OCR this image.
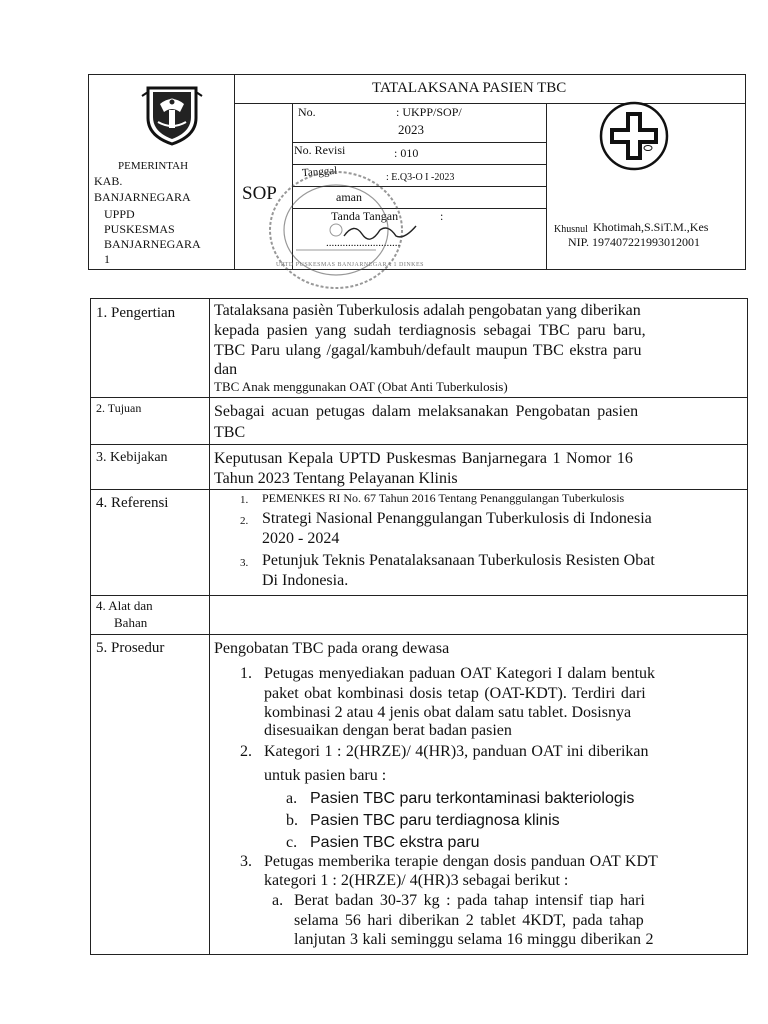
PEMERINTAH
KAB.
BANJARNEGARA
UPPD
PUSKESMAS
BANJARNEGARA
1
TATALAKSANA PASIEN TBC
SOP
No.	: UKPP/SOP/
2023
No. Revisi	: 010
Tanggal	: E.Q3-O I -2023
aman
Tanda Tangan	:
...........................
UPTD PUSKESMAS BANJARNEGARA 1 DINKES
Khusnul Khotimah,S.SiT.M.,Kes
NIP. 197407221993012001
1. Pengertian Tatalaksana pasièn Tuberkulosis adalah pengobatan yang diberikan
kepada pasien yang sudah terdiagnosis sebagai TBC paru baru,
TBC Paru ulang /gagal/kambuh/default maupun TBC ekstra paru
dan
TBC Anak menggunakan OAT (Obat Anti Tuberkulosis)
2. Tujuan	Sebagai acuan petugas dalam melaksanakan Pengobatan pasien
TBC
3. Kebijakan	Keputusan Kepala UPTD Puskesmas Banjarnegara 1 Nomor 16
Tahun 2023 Tentang Pelayanan Klinis
4. Referensi	1. PEMENKES RI No. 67 Tahun 2016 Tentang Penanggulangan Tuberkulosis
2. Strategi Nasional Penanggulangan Tuberkulosis di Indonesia
2020 - 2024
3. Petunjuk Teknis Penatalaksanaan Tuberkulosis Resisten Obat
Di Indonesia.
4. Alat dan
Bahan
5. Prosedur	Pengobatan TBC pada orang dewasa
1. Petugas menyediakan paduan OAT Kategori I dalam bentuk
paket obat kombinasi dosis tetap (OAT-KDT). Terdiri dari
kombinasi 2 atau 4 jenis obat dalam satu tablet. Dosisnya
disesuaikan dengan berat badan pasien
2. Kategori 1 : 2(HRZE)/ 4(HR)3, panduan OAT ini diberikan
untuk pasien baru :
a. Pasien TBC paru terkontaminasi bakteriologis
b. Pasien TBC paru terdiagnosa klinis
c. Pasien TBC ekstra paru
3. Petugas memberika terapie dengan dosis panduan OAT KDT
kategori 1 : 2(HRZE)/ 4(HR)3 sebagai berikut :
a. Berat badan 30-37 kg : pada tahap intensif tiap hari
selama 56 hari diberikan 2 tablet 4KDT, pada tahap
lanjutan 3 kali seminggu selama 16 minggu diberikan 2
